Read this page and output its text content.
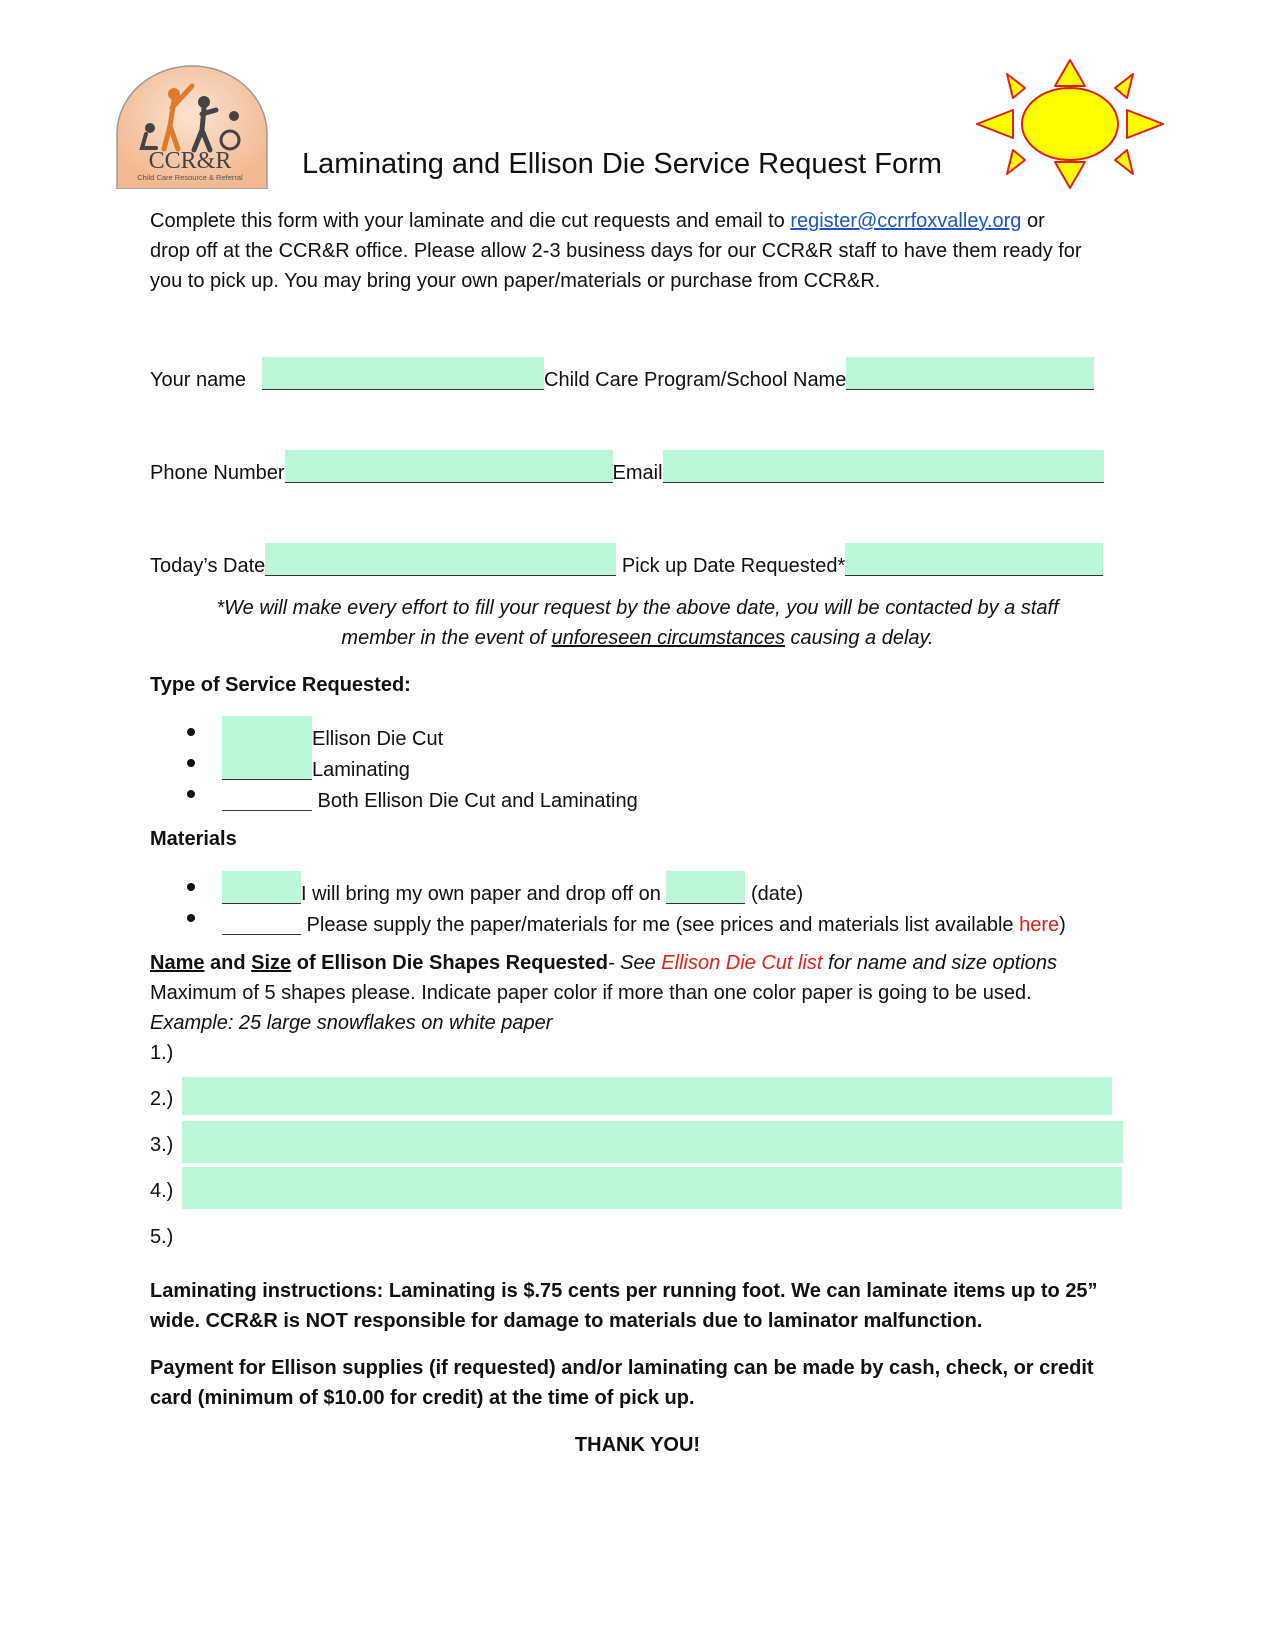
CCR&R
Child Care Resource & Referral Laminating and Ellison Die Service Request Form
Complete this form with your laminate and die cut requests and email to register@ccrrfoxvalley.org or
drop off at the CCR&R office. Please allow 2-3 business days for our CCR&R staff to have them ready for
you to pick up. You may bring your own paper/materials or purchase from CCR&R.
Your name	Child Care Program/School Name
Phone Number	Email
Today’s Date	Pick up Date Requested*
*We will make every effort to fill your request by the above date, you will be contacted by a staff
member in the event of unforeseen circumstances causing a delay.
Type of Service Requested:
Ellison Die Cut
Laminating
Both Ellison Die Cut and Laminating
Materials
I will bring my own paper and drop off on	(date)
Please supply the paper/materials for me (see prices and materials list available here)
Name and Size of Ellison Die Shapes Requested- See Ellison Die Cut list for name and size options
Maximum of 5 shapes please. Indicate paper color if more than one color paper is going to be used.
Example: 25 large snowflakes on white paper
1.)
2.)
3.)
4.)
5.)
Laminating instructions: Laminating is $.75 cents per running foot. We can laminate items up to 25”
wide. CCR&R is NOT responsible for damage to materials due to laminator malfunction.
Payment for Ellison supplies (if requested) and/or laminating can be made by cash, check, or credit
card (minimum of $10.00 for credit) at the time of pick up.
THANK YOU!
